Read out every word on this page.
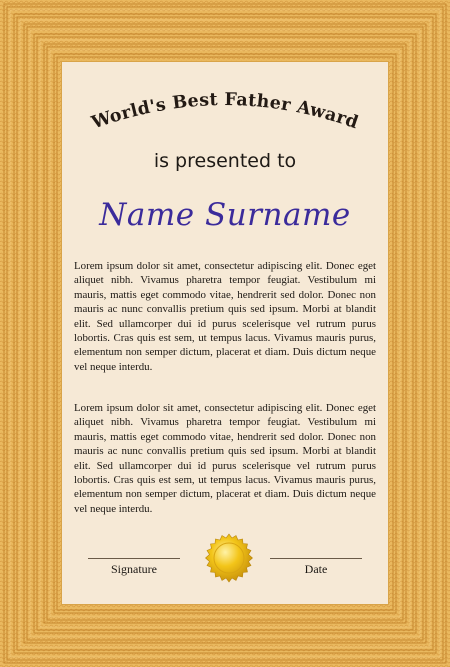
World's Best Father Award
is presented to
Name Surname

Lorem ipsum dolor sit amet, consectetur adipiscing elit. Donec eget aliquet nibh. Vivamus pharetra tempor feugiat. Vestibulum mi mauris, mattis eget commodo vitae, hendrerit sed dolor. Donec non mauris ac nunc convallis pretium quis sed ipsum. Morbi at blandit elit. Sed ullamcorper dui id purus scelerisque vel rutrum purus lobortis. Cras quis est sem, ut tempus lacus. Vivamus mauris purus, elementum non semper dictum, placerat et diam. Duis dictum neque vel neque interdu.

Lorem ipsum dolor sit amet, consectetur adipiscing elit. Donec eget aliquet nibh. Vivamus pharetra tempor feugiat. Vestibulum mi mauris, mattis eget commodo vitae, hendrerit sed dolor. Donec non mauris ac nunc convallis pretium quis sed ipsum. Morbi at blandit elit. Sed ullamcorper dui id purus scelerisque vel rutrum purus lobortis. Cras quis est sem, ut tempus lacus. Vivamus mauris purus, elementum non semper dictum, placerat et diam. Duis dictum neque vel neque interdu.

Signature	Date
